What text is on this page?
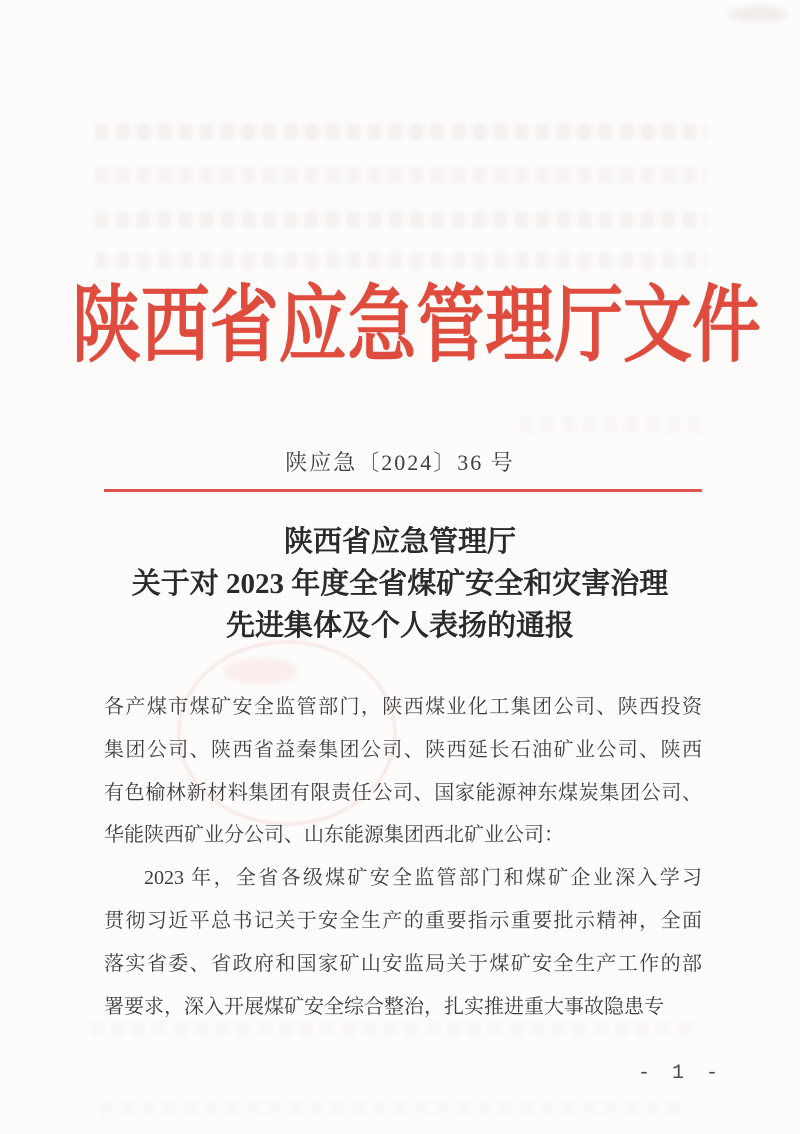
陕西省应急管理厅文件
陕应急〔2024〕36 号
陕西省应急管理厅
关于对 2023 年度全省煤矿安全和灾害治理
先进集体及个人表扬的通报
各产煤市煤矿安全监管部门，陕西煤业化工集团公司、陕西投资
集团公司、陕西省益秦集团公司、陕西延长石油矿业公司、陕西
有色榆林新材料集团有限责任公司、国家能源神东煤炭集团公司、
华能陕西矿业分公司、山东能源集团西北矿业公司：
2023 年，全省各级煤矿安全监管部门和煤矿企业深入学习
贯彻习近平总书记关于安全生产的重要指示重要批示精神，全面
落实省委、省政府和国家矿山安监局关于煤矿安全生产工作的部
署要求，深入开展煤矿安全综合整治，扎实推进重大事故隐患专
- 1 -
